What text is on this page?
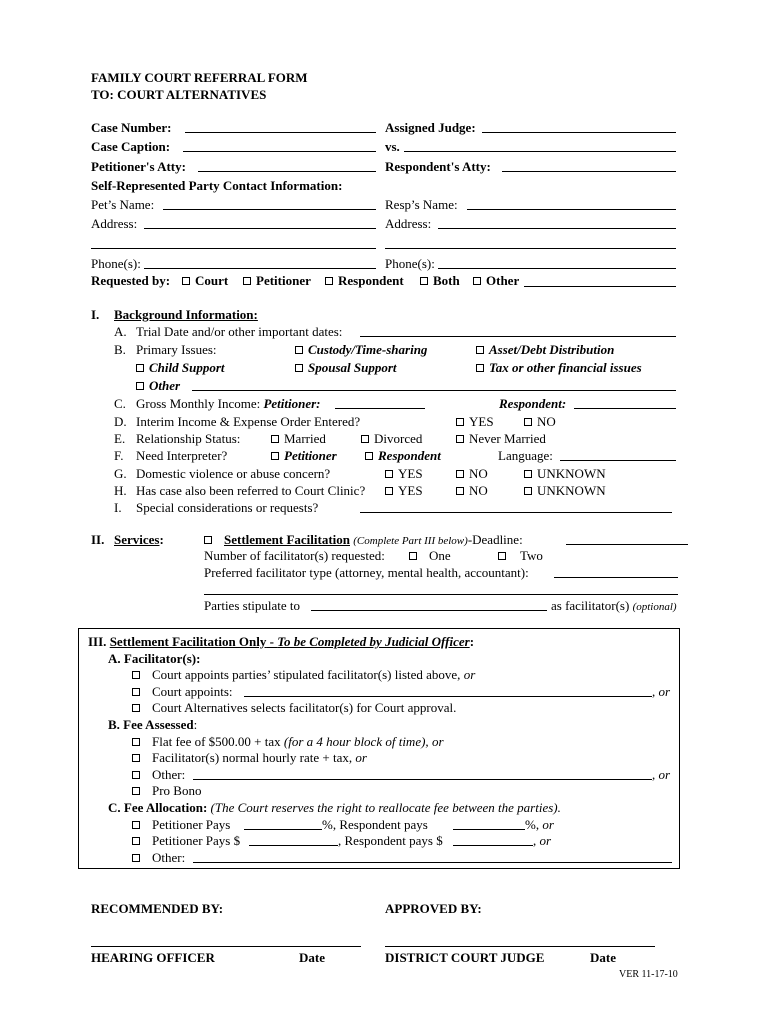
FAMILY COURT REFERRAL FORM
TO: COURT ALTERNATIVES
Case Number:	Assigned Judge:
Case Caption:	vs.
Petitioner's Atty:	Respondent's Atty:
Self-Represented Party Contact Information:
Pet’s Name:	Resp’s Name:
Address:	Address:
Phone(s):	Phone(s):
Requested by:	Court	Petitioner	Respondent	Both	Other
I. Background Information:
A. Trial Date and/or other important dates:
B. Primary Issues:	Custody/Time-sharing	Asset/Debt Distribution
Child Support	Spousal Support	Tax or other financial issues
Other
C. Gross Monthly Income: Petitioner:	Respondent:
D. Interim Income & Expense Order Entered?	YES	NO
E. Relationship Status:	Married	Divorced	Never Married
F. Need Interpreter?	Petitioner	Respondent	Language:
G. Domestic violence or abuse concern?	YES	NO	UNKNOWN
H. Has case also been referred to Court Clinic?	YES	NO	UNKNOWN
I. Special considerations or requests?
II. Services:	Settlement Facilitation (Complete Part III below)-Deadline:
Number of facilitator(s) requested:	One	Two
Preferred facilitator type (attorney, mental health, accountant):
Parties stipulate to	as facilitator(s) (optional)
III. Settlement Facilitation Only - To be Completed by Judicial Officer:
A. Facilitator(s):
Court appoints parties’ stipulated facilitator(s) listed above, or
Court appoints:	, or
Court Alternatives selects facilitator(s) for Court approval.
B. Fee Assessed:
Flat fee of $500.00 + tax (for a 4 hour block of time), or
Facilitator(s) normal hourly rate + tax, or
Other:	, or
Pro Bono
C. Fee Allocation: (The Court reserves the right to reallocate fee between the parties).
Petitioner Pays	%, Respondent pays	%, or
Petitioner Pays $	, Respondent pays $	, or
Other:
RECOMMENDED BY:	APPROVED BY:
HEARING OFFICER	Date	DISTRICT COURT JUDGE	Date
VER 11-17-10
